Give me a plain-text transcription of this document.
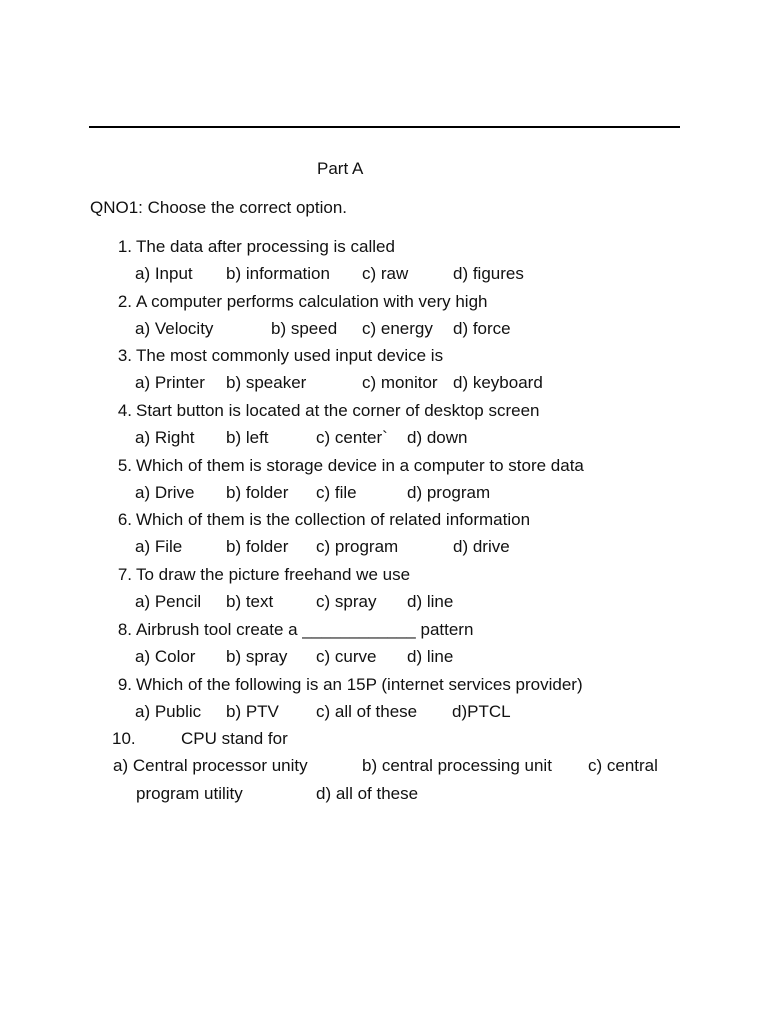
Part A
QNO1: Choose the correct option.
1. The data after processing is called
a) Input b) information c) raw	d) figures
2. A computer performs calculation with very high
a) Velocity	b) speed c) energy d) force
3. The most commonly used input device is
a) Printer b) speaker	c) monitor d) keyboard
4. Start button is located at the corner of desktop screen
a) Right b) left	c) center` d) down
5. Which of them is storage device in a computer to store data
a) Drive b) folder c) file	d) program
6. Which of them is the collection of related information
a) File	b) folder c) program	d) drive
7. To draw the picture freehand we use
a) Pencil b) text	c) spray d) line
8. Airbrush tool create a ____________ pattern
a) Color b) spray c) curve d) line
9. Which of the following is an 15P (internet services provider)
a) Public b) PTV c) all of these d)PTCL
10.	CPU stand for
a) Central processor unity	b) central processing unit c) central
program utility	d) all of these
